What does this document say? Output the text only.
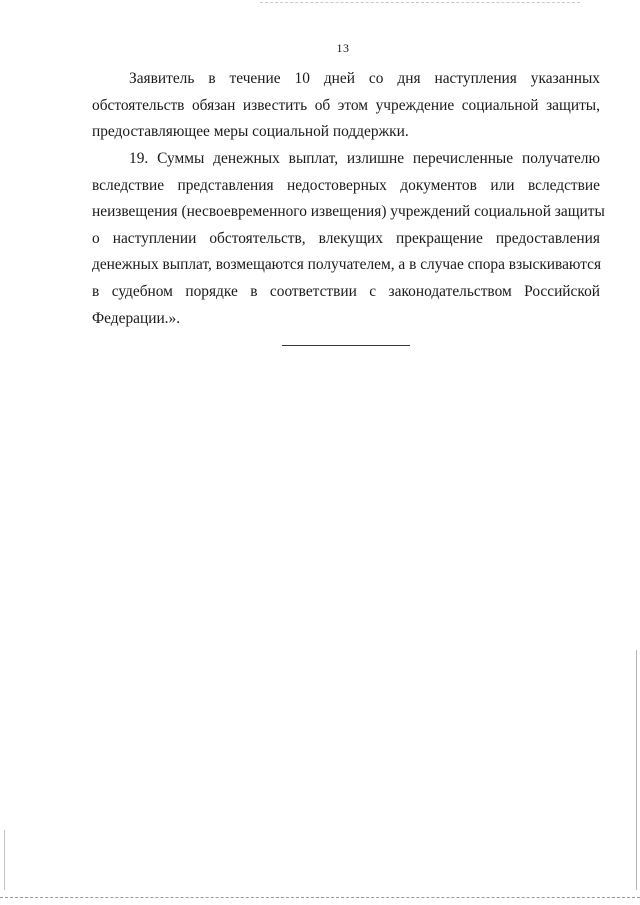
13
Заявитель в течение 10 дней со дня наступления указанных
обстоятельств обязан известить об этом учреждение социальной защиты,
предоставляющее меры социальной поддержки.
19. Суммы денежных выплат, излишне перечисленные получателю
вследствие представления недостоверных документов или вследствие
неизвещения (несвоевременного извещения) учреждений социальной защиты
о наступлении обстоятельств, влекущих прекращение предоставления
денежных выплат, возмещаются получателем, а в случае спора взыскиваются
в судебном порядке в соответствии с законодательством Российской
Федерации.».
